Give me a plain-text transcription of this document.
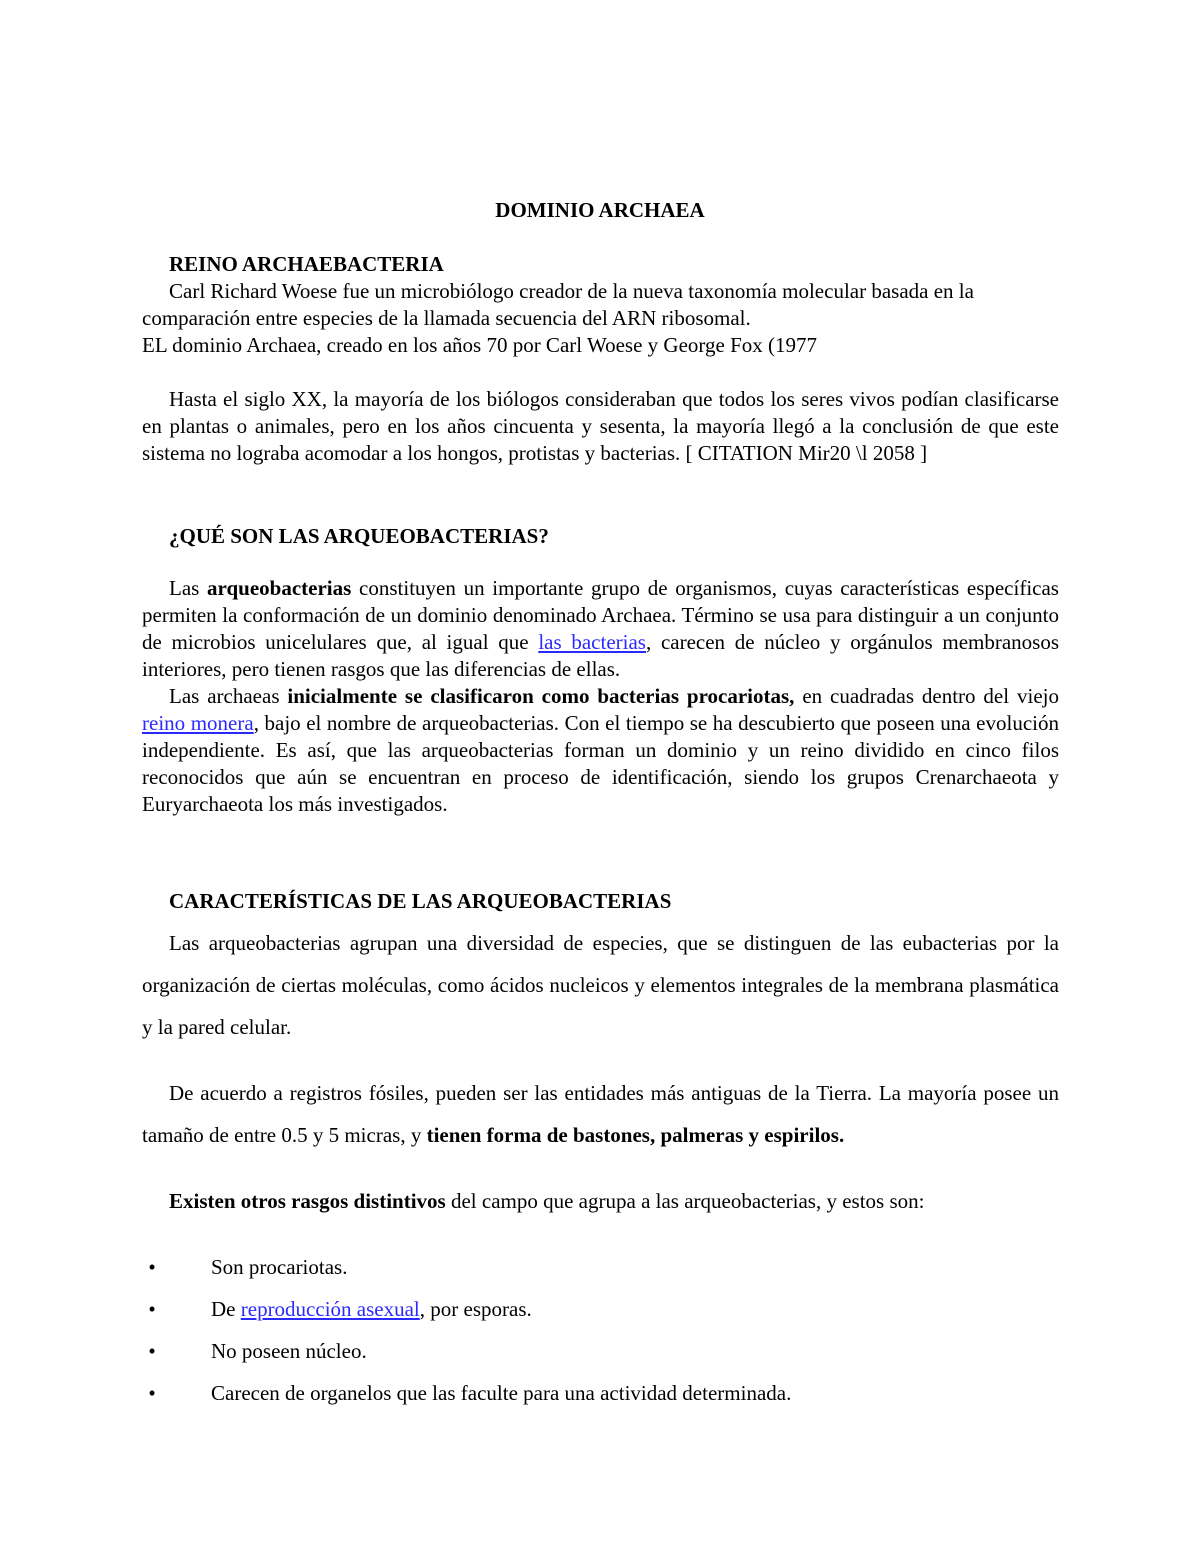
DOMINIO ARCHAEA
REINO ARCHAEBACTERIA

Carl Richard Woese fue un microbiólogo creador de la nueva taxonomía molecular basada en la comparación entre especies de la llamada secuencia del ARN ribosomal.

EL dominio Archaea, creado en los años 70 por Carl Woese y George Fox (1977

Hasta el siglo XX, la mayoría de los biólogos consideraban que todos los seres vivos podían clasificarse en plantas o animales, pero en los años cincuenta y sesenta, la mayoría llegó a la conclusión de que este sistema no lograba acomodar a los hongos, protistas y bacterias. [ CITATION Mir20 \l 2058 ]

¿QUÉ SON LAS ARQUEOBACTERIAS?

Las arqueobacterias constituyen un importante grupo de organismos, cuyas características específicas permiten la conformación de un dominio denominado Archaea. Término se usa para distinguir a un conjunto de microbios unicelulares que, al igual que las bacterias, carecen de núcleo y orgánulos membranosos interiores, pero tienen rasgos que las diferencias de ellas.

Las archaeas inicialmente se clasificaron como bacterias procariotas, en cuadradas dentro del viejo reino monera, bajo el nombre de arqueobacterias. Con el tiempo se ha descubierto que poseen una evolución independiente. Es así, que las arqueobacterias forman un dominio y un reino dividido en cinco filos reconocidos que aún se encuentran en proceso de identificación, siendo los grupos Crenarchaeota y Euryarchaeota los más investigados.

CARACTERÍSTICAS DE LAS ARQUEOBACTERIAS

Las arqueobacterias agrupan una diversidad de especies, que se distinguen de las eubacterias por la organización de ciertas moléculas, como ácidos nucleicos y elementos integrales de la membrana plasmática y la pared celular.

De acuerdo a registros fósiles, pueden ser las entidades más antiguas de la Tierra. La mayoría posee un tamaño de entre 0.5 y 5 micras, y tienen forma de bastones, palmeras y espirilos.

Existen otros rasgos distintivos del campo que agrupa a las arqueobacterias, y estos son:

•	Son procariotas.
•	De reproducción asexual, por esporas.
•	No poseen núcleo.
•	Carecen de organelos que las faculte para una actividad determinada.
